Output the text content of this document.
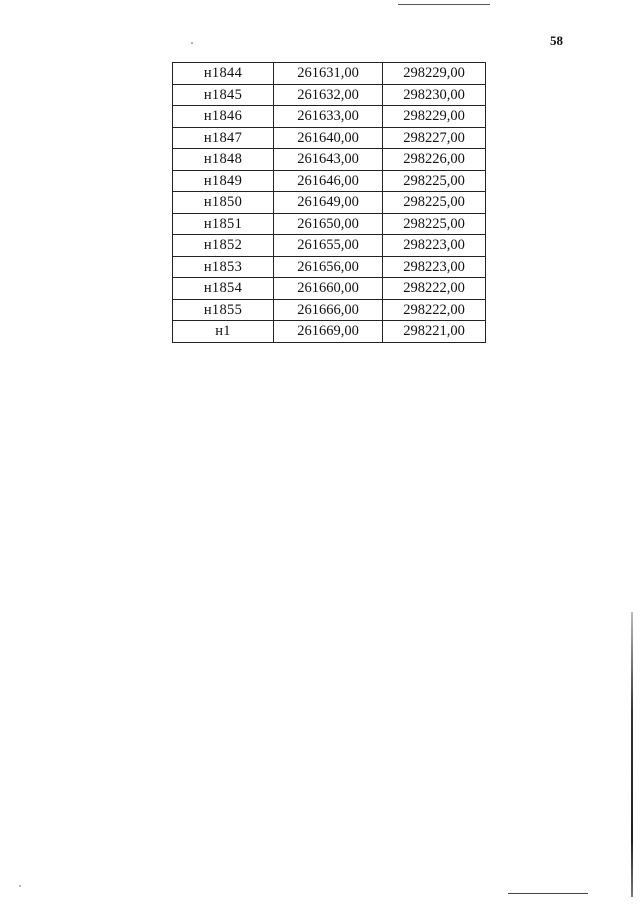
58
н1844	261631,00	298229,00
н1845	261632,00	298230,00
н1846	261633,00	298229,00
н1847	261640,00	298227,00
н1848	261643,00	298226,00
н1849	261646,00	298225,00
н1850	261649,00	298225,00
н1851	261650,00	298225,00
н1852	261655,00	298223,00
н1853	261656,00	298223,00
н1854	261660,00	298222,00
н1855	261666,00	298222,00
н1	261669,00	298221,00
